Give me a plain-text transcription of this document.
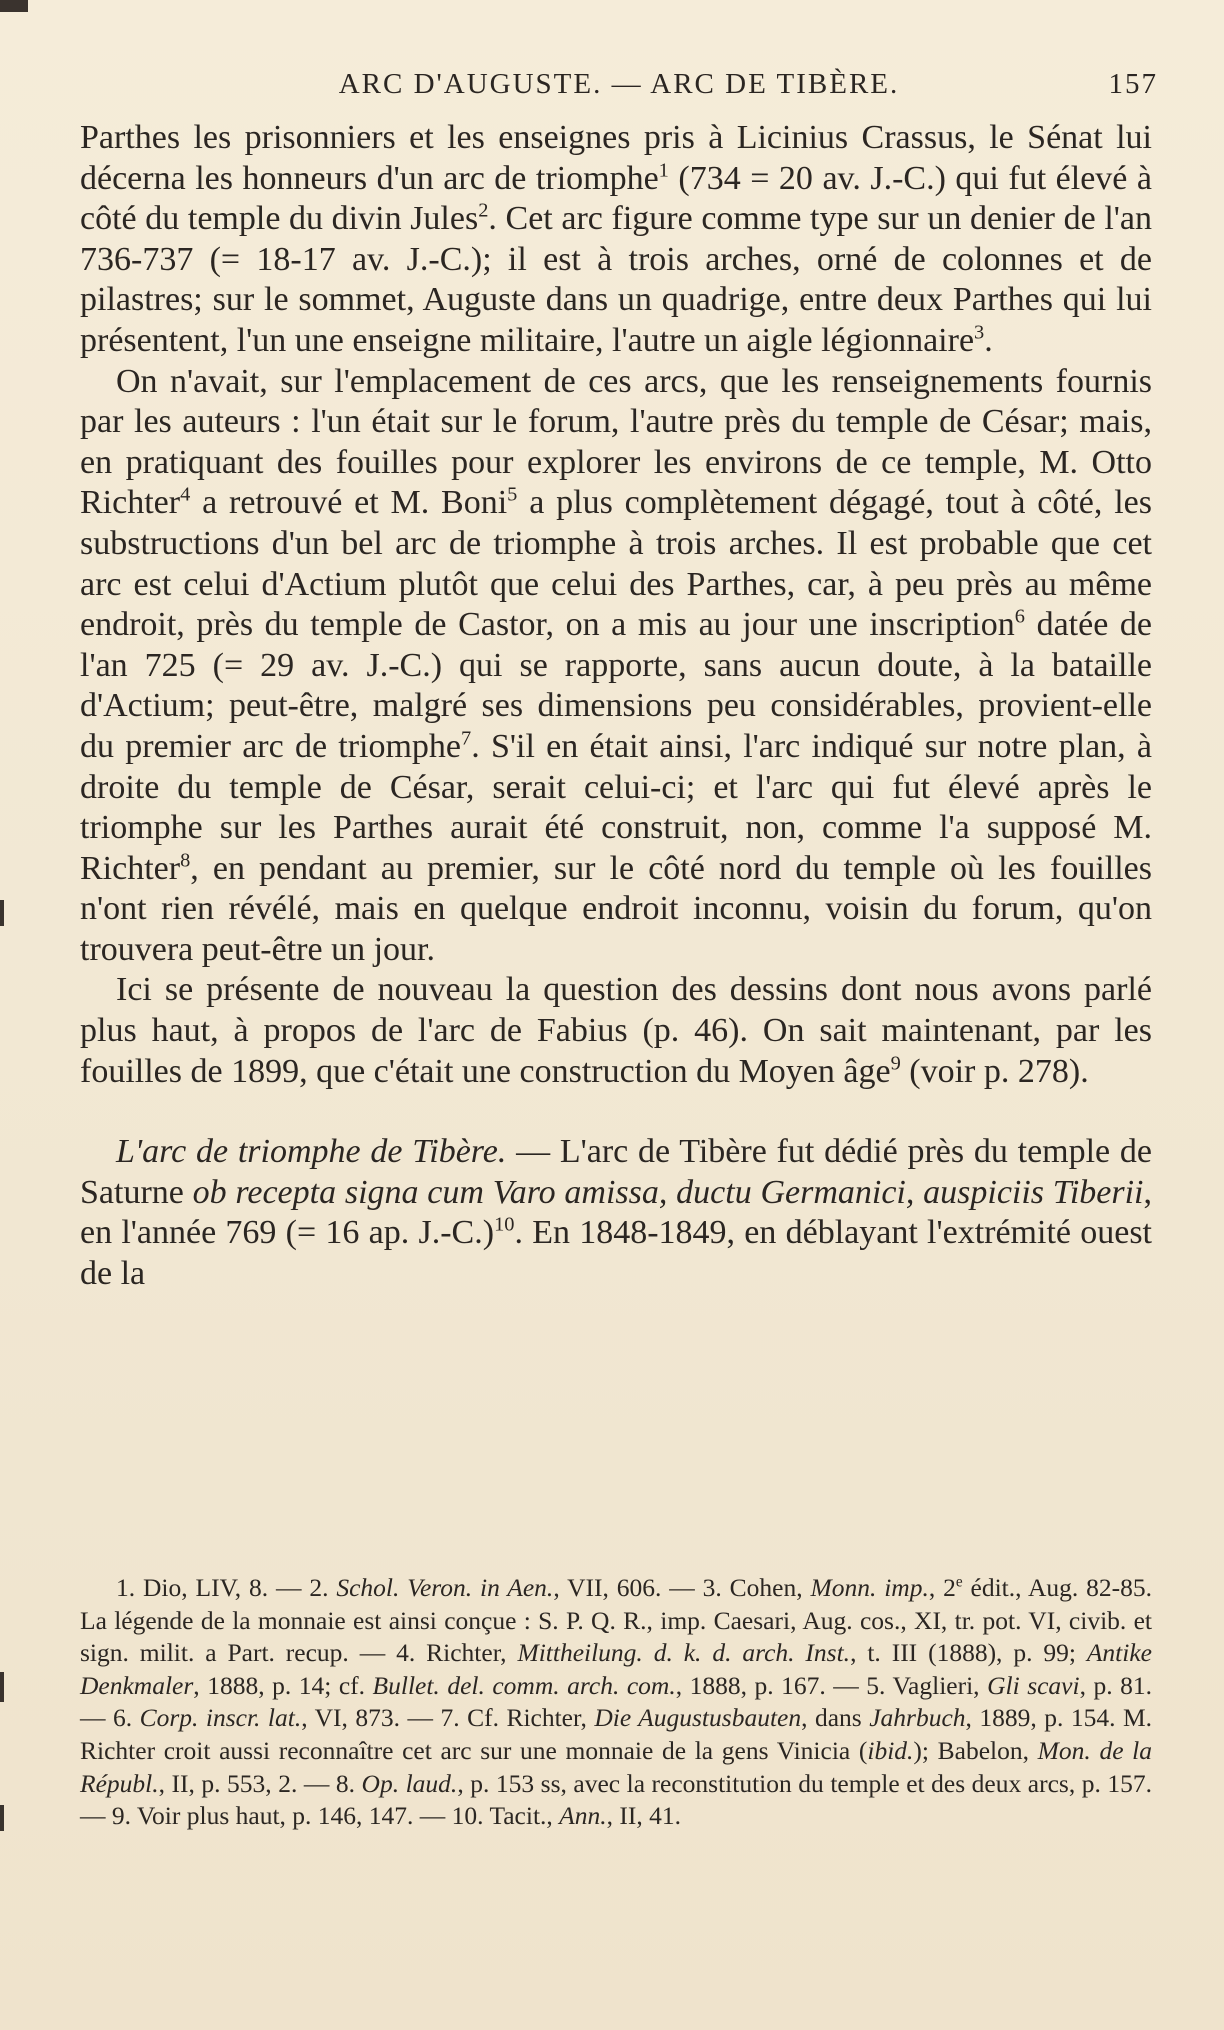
ARC D'AUGUSTE. — ARC DE TIBÈRE.	157

Parthes les prisonniers et les enseignes pris à Licinius Crassus, le Sénat lui décerna les honneurs d'un arc de triomphe$^1$ (734 = 20 av. J.-C.) qui fut élevé à côté du temple du divin Jules$^2$. Cet arc figure comme type sur un denier de l'an 736-737 (= 18-17 av. J.-C.); il est à trois arches, orné de colonnes et de pilastres; sur le sommet, Auguste dans un quadrige, entre deux Parthes qui lui présentent, l'un une enseigne militaire, l'autre un aigle légionnaire$^3$.

On n'avait, sur l'emplacement de ces arcs, que les renseignements fournis par les auteurs : l'un était sur le forum, l'autre près du temple de César; mais, en pratiquant des fouilles pour explorer les environs de ce temple, M. Otto Richter$^4$ a retrouvé et M. Boni$^5$ a plus complètement dégagé, tout à côté, les substructions d'un bel arc de triomphe à trois arches. Il est probable que cet arc est celui d'Actium plutôt que celui des Parthes, car, à peu près au même endroit, près du temple de Castor, on a mis au jour une inscription$^6$ datée de l'an 725 (= 29 av. J.-C.) qui se rapporte, sans aucun doute, à la bataille d'Actium; peut-être, malgré ses dimensions peu considérables, provient-elle du premier arc de triomphe$^7$. S'il en était ainsi, l'arc indiqué sur notre plan, à droite du temple de César, serait celui-ci; et l'arc qui fut élevé après le triomphe sur les Parthes aurait été construit, non, comme l'a supposé M. Richter$^8$, en pendant au premier, sur le côté nord du temple où les fouilles n'ont rien révélé, mais en quelque endroit inconnu, voisin du forum, qu'on trouvera peut-être un jour.

Ici se présente de nouveau la question des dessins dont nous avons parlé plus haut, à propos de l'arc de Fabius (p. 46). On sait maintenant, par les fouilles de 1899, que c'était une construction du Moyen âge$^9$ (voir p. 278).

L'arc de triomphe de Tibère. — L'arc de Tibère fut dédié près du temple de Saturne ob recepta signa cum Varo amissa, ductu Germanici, auspiciis Tiberii, en l'année 769 (= 16 ap. J.-C.)$^{10}$. En 1848-1849, en déblayant l'extrémité ouest de la

1. Dio, LIV, 8. — 2. Schol. Veron. in Aen., VII, 606. — 3. Cohen, Monn. imp., 2e édit., Aug. 82-85. La légende de la monnaie est ainsi conçue : S. P. Q. R., imp. Caesari, Aug. cos., XI, tr. pot. VI, civib. et sign. milit. a Part. recup. — 4. Richter, Mittheilung. d. k. d. arch. Inst., t. III (1888), p. 99; Antike Denkmaler, 1888, p. 14; cf. Bullet. del. comm. arch. com., 1888, p. 167. — 5. Vaglieri, Gli scavi, p. 81. — 6. Corp. inscr. lat., VI, 873. — 7. Cf. Richter, Die Augustusbauten, dans Jahrbuch, 1889, p. 154. M. Richter croit aussi reconnaître cet arc sur une monnaie de la gens Vinicia (ibid.); Babelon, Mon. de la Républ., II, p. 553, 2. — 8. Op. laud., p. 153 ss, avec la reconstitution du temple et des deux arcs, p. 157. — 9. Voir plus haut, p. 146, 147. — 10. Tacit., Ann., II, 41.
